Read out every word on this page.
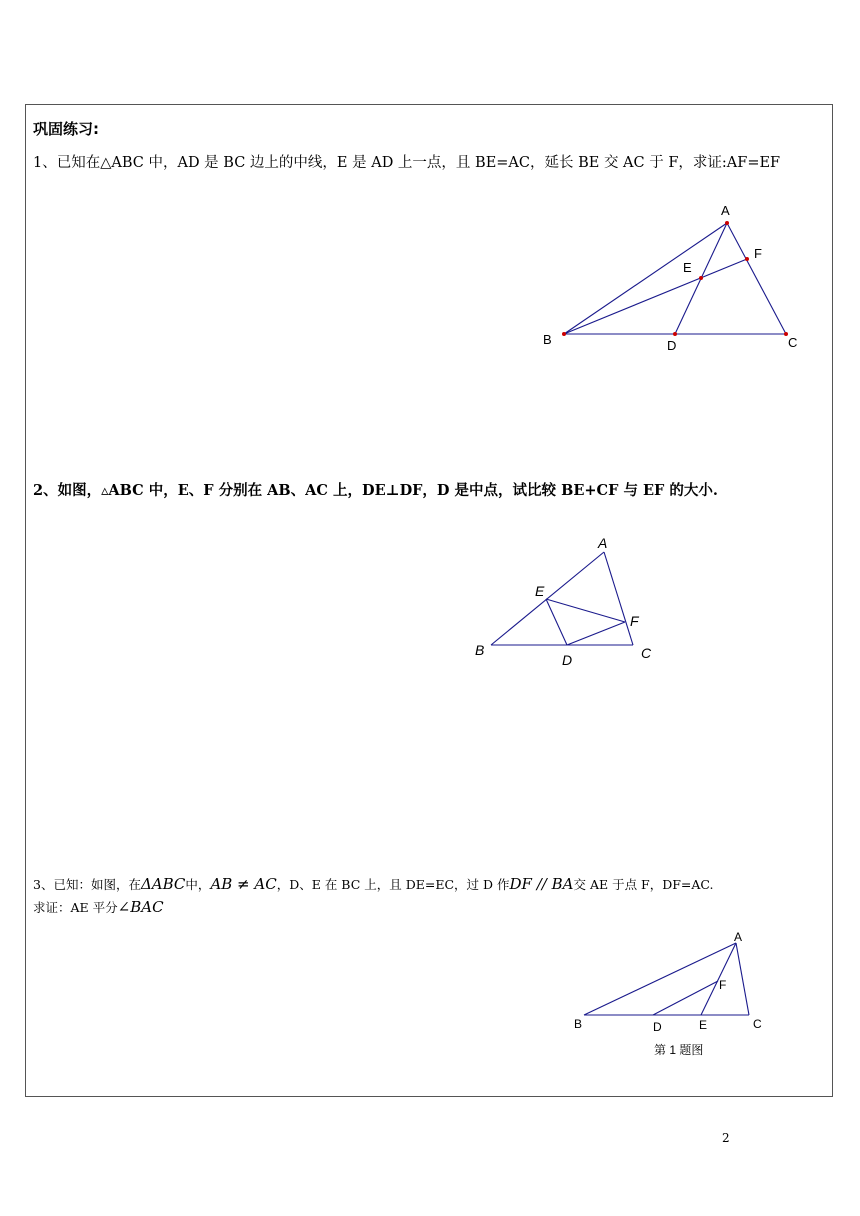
巩固练习:
1、已知在△ABC 中，AD 是 BC 边上的中线，E 是 AD 上一点，且 BE=AC，延长 BE 交 AC 于 F，求证:AF=EF
A
B	C
D
E
F
2、如图，▵ABC 中，E、F 分别在 AB、AC 上，DE⊥DF，D 是中点，试比较 BE+CF 与 EF 的大小.
A
B	C
D
E
F
3、已知：如图，在ΔABC中，AB ≠ AC，D、E 在 BC 上，且 DE=EC，过 D 作DF // BA交 AE 于点 F，DF=AC.
求证：AE 平分∠BAC
A
B	C
D	E
F
第 1 题图
2
